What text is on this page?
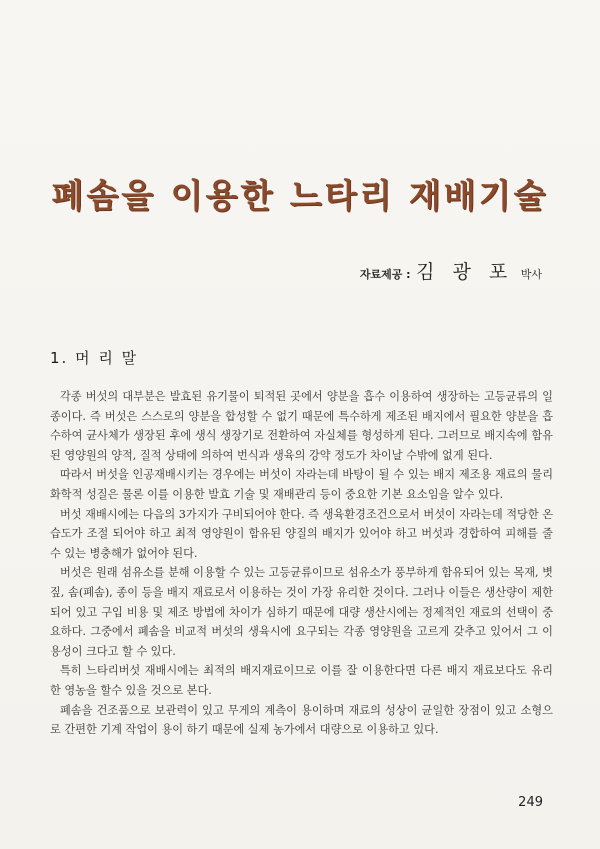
폐솜을 이용한 느타리 재배기술
자료제공 : 김 광 포 박사
1. 머 리 말

각종 버섯의 대부분은 발효된 유기물이 퇴적된 곳에서 양분을 흡수 이용하여 생장하는 고등균류의 일종이다. 즉 버섯은 스스로의 양분을 합성할 수 없기 때문에 특수하게 제조된 배지에서 필요한 양분을 흡수하여 균사체가 생장된 후에 생식 생장기로 전환하여 자실체를 형성하게 된다. 그러므로 배지속에 함유된 영양원의 양적, 질적 상태에 의하여 번식과 생육의 강약 정도가 차이날 수밖에 없게 된다.

따라서 버섯을 인공재배시키는 경우에는 버섯이 자라는데 바탕이 될 수 있는 배지 제조용 재료의 물리화학적 성질은 물론 이를 이용한 발효 기술 및 재배관리 등이 중요한 기본 요소임을 알수 있다.

버섯 재배시에는 다음의 3가지가 구비되어야 한다. 즉 생육환경조건으로서 버섯이 자라는데 적당한 온습도가 조절 되어야 하고 최적 영양원이 함유된 양질의 배지가 있어야 하고 버섯과 경합하여 피해를 줄수 있는 병충해가 없어야 된다.

버섯은 원래 섬유소를 분해 이용할 수 있는 고등균류이므로 섬유소가 풍부하게 함유되어 있는 목재, 볏짚, 솜(폐솜), 종이 등을 배지 재료로서 이용하는 것이 가장 유리한 것이다. 그러나 이들은 생산량이 제한되어 있고 구입 비용 및 제조 방법에 차이가 심하기 때문에 대량 생산시에는 정제적인 재료의 선택이 중요하다. 그중에서 폐솜을 비교적 버섯의 생육시에 요구되는 각종 영양원을 고르게 갖추고 있어서 그 이용성이 크다고 할 수 있다.

특히 느타리버섯 재배시에는 최적의 배지재료이므로 이를 잘 이용한다면 다른 배지 재료보다도 유리한 영농을 할수 있을 것으로 본다.

폐솜을 건조품으로 보관력이 있고 무게의 계측이 용이하며 재료의 성상이 균일한 장점이 있고 소형으로 간편한 기계 작업이 용이 하기 때문에 실제 농가에서 대량으로 이용하고 있다.

249
